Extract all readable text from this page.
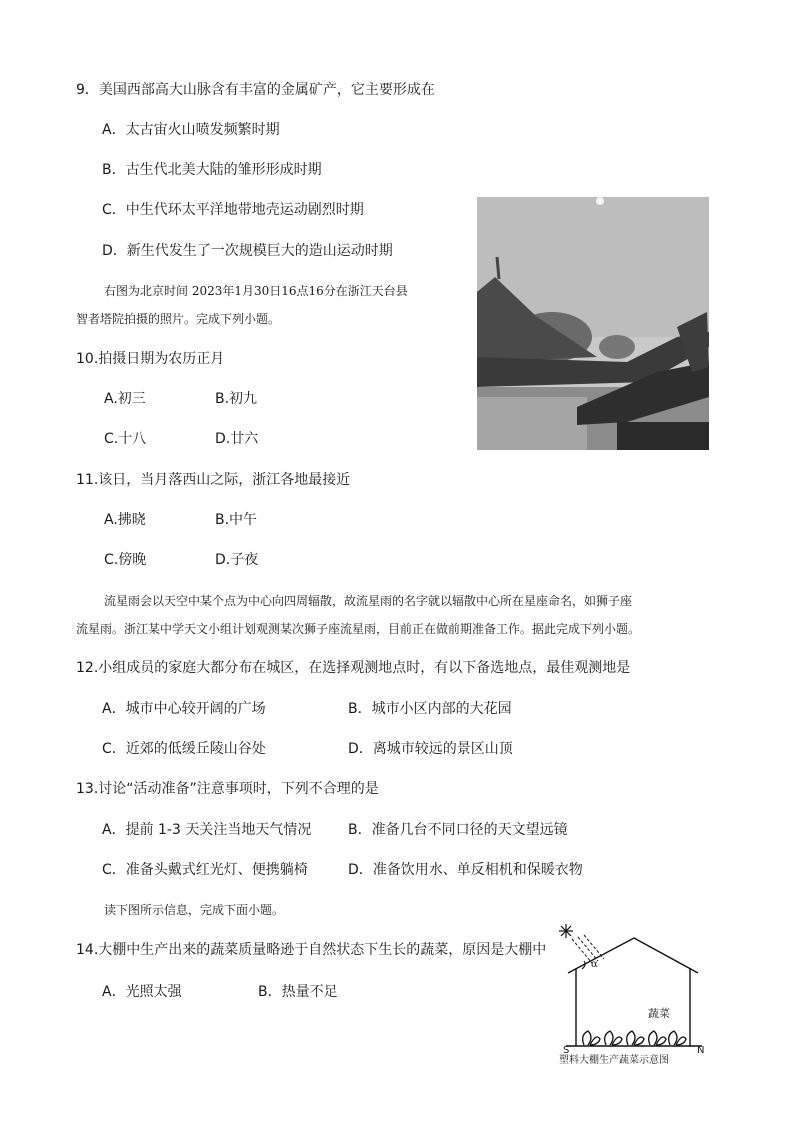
9．美国西部高大山脉含有丰富的金属矿产，它主要形成在
A．太古宙火山喷发频繁时期
B．古生代北美大陆的雏形形成时期
C．中生代环太平洋地带地壳运动剧烈时期
D．新生代发生了一次规模巨大的造山运动时期
右图为北京时间 2023年1月30日16点16分在浙江天台县
智者塔院拍摄的照片。完成下列小题。
10.拍摄日期为农历正月
A.初三	B.初九
C.十八	D.廿六
11.该日，当月落西山之际，浙江各地最接近
A.拂晓	B.中午
C.傍晚	D.子夜
流星雨会以天空中某个点为中心向四周辐散，故流星雨的名字就以辐散中心所在星座命名，如狮子座
流星雨。浙江某中学天文小组计划观测某次狮子座流星雨，目前正在做前期准备工作。据此完成下列小题。
12.小组成员的家庭大都分布在城区，在选择观测地点时，有以下备选地点，最佳观测地是
A．城市中心较开阔的广场	B．城市小区内部的大花园
C．近郊的低缓丘陵山谷处	D．离城市较远的景区山顶
13.讨论“活动准备”注意事项时，下列不合理的是
A．提前 1-3 天关注当地天气情况	B．准备几台不同口径的天文望远镜
C．准备头戴式红光灯、便携躺椅	D．准备饮用水、单反相机和保暖衣物
读下图所示信息，完成下面小题。
14.大棚中生产出来的蔬菜质量略逊于自然状态下生长的蔬菜，原因是大棚中
A．光照太强	B．热量不足
α
蔬菜
S	N
塑料大棚生产蔬菜示意图
